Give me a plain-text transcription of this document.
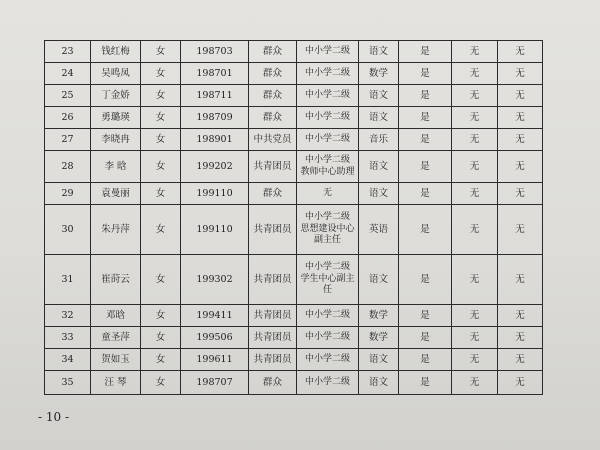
23	钱红梅	女	198703	群众	中小学二级	语文	是	无	无
24	吴鸣凤	女	198701	群众	中小学二级	数学	是	无	无
25	丁金娇	女	198711	群众	中小学二级	语文	是	无	无
26	勇璐瑛	女	198709	群众	中小学二级	语文	是	无	无
27	李晓冉	女	198901	中共党员	中小学二级	音乐	是	无	无
28	李 晗	女	199202	共青团员	中小学二级
教师中心助理	语文	是	无	无
29	袁曼丽	女	199110	群众	无	语文	是	无	无
30	朱丹萍	女	199110	共青团员	中小学二级
思想建设中心
副主任	英语	是	无	无
31	崔莳云	女	199302	共青团员	中小学二级
学生中心副主
任	语文	是	无	无
32	邓晗	女	199411	共青团员	中小学二级	数学	是	无	无
33	童圣萍	女	199506	共青团员	中小学二级	数学	是	无	无
34	贺如玉	女	199611	共青团员	中小学二级	语文	是	无	无
35	汪 琴	女	198707	群众	中小学二级	语文	是	无	无
- 10 -
